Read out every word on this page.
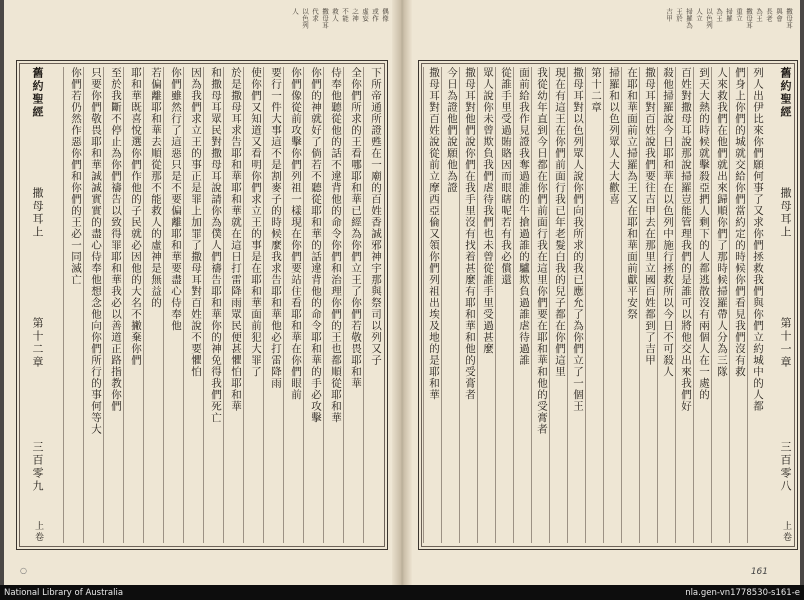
偶像
或作
虛妄
之神
不能
救人
撒母耳
代求
以色列
人
舊約聖經
撒母耳上
第十二章
三百零九
上卷
下所帝通所證甦在一廟的百姓香誠邪神宇那與祭司以列又子
全你們所求的王看哪耶和華已經為你們立王了你們若敬畏耶和華
侍奉他聽從他的話不違背他的命令你們和治理你們的王也都順從耶和華
你們的神就好了倘若不聽從耶和華的話違背他的命令耶和華的手必攻擊
你們像從前攻擊你們列祖一樣現在你們要站住看耶和華在你們眼前
要行一件大事這不是割麥子的時候麼我求告耶和華他必打雷降雨
使你們又知道又看明你們求立王的事是在耶和華面前犯大罪了
於是撒母耳求告耶和華耶和華就在這日打雷降雨眾民便甚懼怕耶和華
和撒母耳眾民對撒母耳說請你為僕人們禱告耶和華你的神免得我們死亡
因為我們求立王的事正是罪上加罪了撒母耳對百姓說不要懼怕
你們雖然行了這惡只是不要偏離耶和華要盡心侍奉他
若偏離耶和華去順從那不能救人的虛神是無益的
耶和華既喜悅選你們作他的子民就必因他的大名不撇棄你們
至於我斷不停止為你們禱告以致得罪耶和華我必以善道正路指教你們
只要你們敬畏耶和華誠誠實實的盡心侍奉他想念他向你們所行的事何等大
你們若仍然作惡你們和你們的王必一同滅亡
○
撒母耳
與會
長老
為王
撒母耳
重立
掃羅
為王
以色列
人立
掃羅為
王於
吉甲
列人出伊比來你們願何事了又求你們拯救我們與你們立約城中的人都
們身上你們的城就交給你們當約定的時候你們看見我們沒有救
人來救我們在他們就出來歸順你們了那時候掃羅帶人分為三隊
到天大熱的時候就擊殺亞捫人剩下的人都逃散沒有兩個人在一處的
百姓對撒母耳說那說掃羅豈能管理我們的是誰可以將他交出來我們好
殺他掃羅說今日耶和華在以色列中施行拯救所以今日不可殺人
撒母耳對百姓說我們要往吉甲去在那里立國百姓都到了吉甲
在耶和華面前立掃羅為王又在耶和華面前獻平安祭
掃羅和以色列眾人大大歡喜
第十二章
撒母耳對以色列眾人說你們向我所求的我已應允了為你們立了一個王
現在有這王在你們前面行我已年老髮白我的兒子都在你們這里
我從幼年直到今日都在你們前面行我在這里你們要在耶和華和他的受膏者
面前給我作見證我奪過誰的牛搶過誰的驢欺負過誰虐待過誰
從誰手里受過賄賂因而眼瞎呢若有我必償還
眾人說你未曾欺負我們虐待我們也未曾從誰手里受過甚麼
撒母耳對他們說你們在我手里沒有找着甚麼有耶和華和他的受膏者
今日為證他們說願他為證
撒母耳對百姓說從前立摩西亞倫又領你們列祖出埃及地的是耶和華	舊約聖經
撒母耳上
第十一章
三百零八
上卷
161
National Library of Australia	nla.gen-vn1778530-s161-e
